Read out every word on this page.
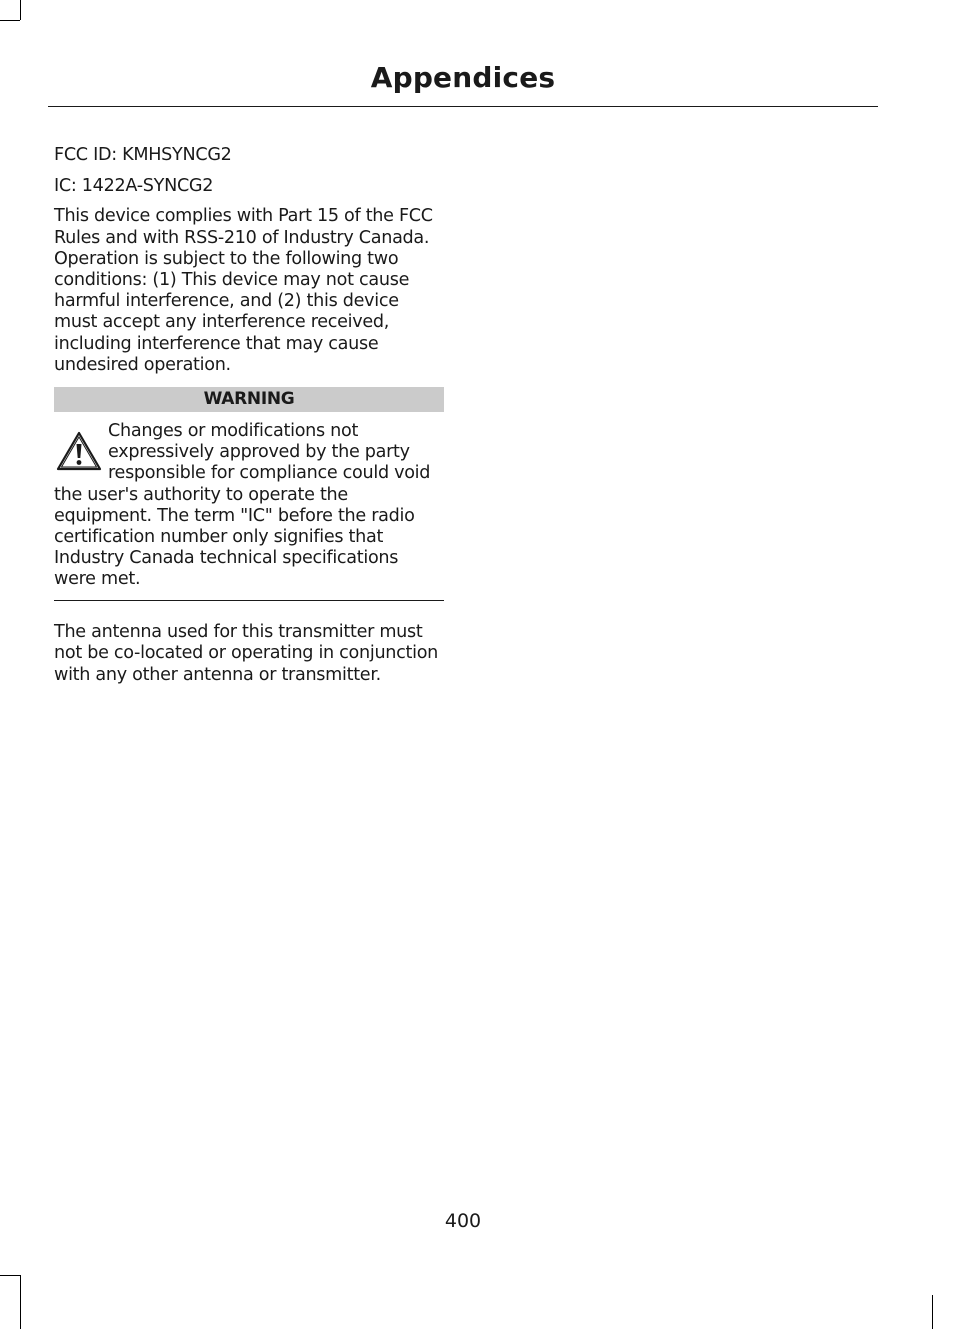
Appendices

FCC ID: KMHSYNCG2

IC: 1422A-SYNCG2

This device complies with Part 15 of the FCC Rules and with RSS-210 of Industry Canada. Operation is subject to the following two conditions: (1) This device may not cause harmful interference, and (2) this device must accept any interference received, including interference that may cause undesired operation.

WARNING

Changes or modifications not expressively approved by the party responsible for compliance could void the user's authority to operate the equipment. The term "IC" before the radio certification number only signifies that Industry Canada technical specifications were met.

The antenna used for this transmitter must not be co-located or operating in conjunction with any other antenna or transmitter.

400
